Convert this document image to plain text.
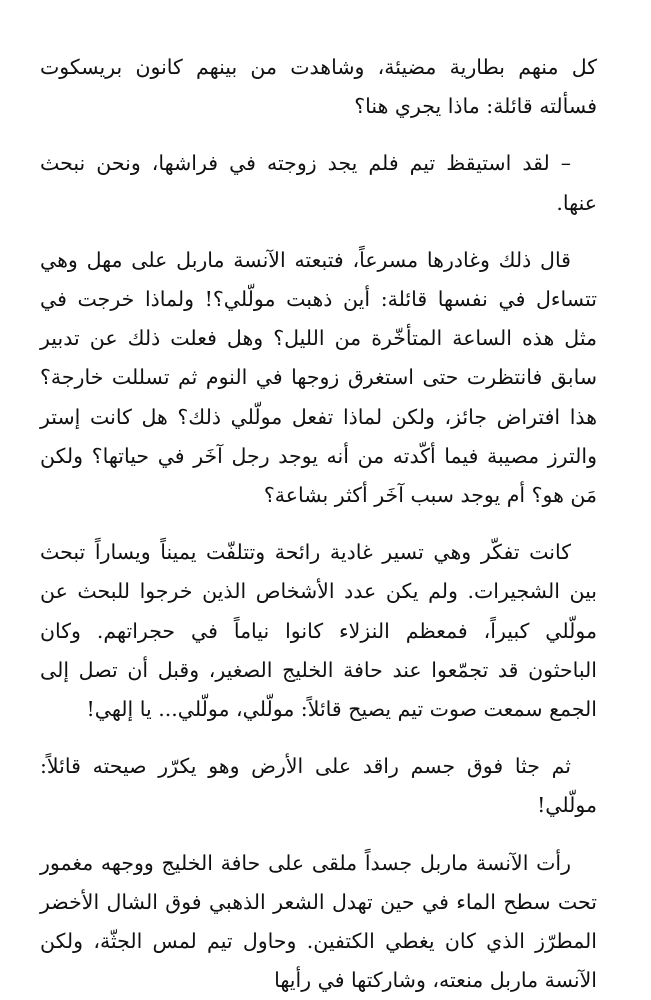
كل منهم بطارية مضيئة، وشاهدت من بينهم كانون بريسكوت فسألته قائلة: ماذا يجري هنا؟

– لقد استيقظ تيم فلم يجد زوجته في فراشها، ونحن نبحث عنها.

قال ذلك وغادرها مسرعاً، فتبعته الآنسة ماربل على مهل وهي تتساءل في نفسها قائلة: أين ذهبت مولّلي؟! ولماذا خرجت في مثل هذه الساعة المتأخّرة من الليل؟ وهل فعلت ذلك عن تدبير سابق فانتظرت حتى استغرق زوجها في النوم ثم تسللت خارجة؟ هذا افتراض جائز، ولكن لماذا تفعل مولّلي ذلك؟ هل كانت إستر والترز مصيبة فيما أكّدته من أنه يوجد رجل آخَر في حياتها؟ ولكن مَن هو؟ أم يوجد سبب آخَر أكثر بشاعة؟

كانت تفكّر وهي تسير غادية رائحة وتتلفّت يميناً ويساراً تبحث بين الشجيرات. ولم يكن عدد الأشخاص الذين خرجوا للبحث عن مولّلي كبيراً، فمعظم النزلاء كانوا نياماً في حجراتهم. وكان الباحثون قد تجمّعوا عند حافة الخليج الصغير، وقبل أن تصل إلى الجمع سمعت صوت تيم يصيح قائلاً: مولّلي، مولّلي... يا إلهي!

ثم جثا فوق جسم راقد على الأرض وهو يكرّر صيحته قائلاً: مولّلي!

رأت الآنسة ماربل جسداً ملقى على حافة الخليج ووجهه مغمور تحت سطح الماء في حين تهدل الشعر الذهبي فوق الشال الأخضر المطرّز الذي كان يغطي الكتفين. وحاول تيم لمس الجثّة، ولكن الآنسة ماربل منعته، وشاركتها في رأيها
